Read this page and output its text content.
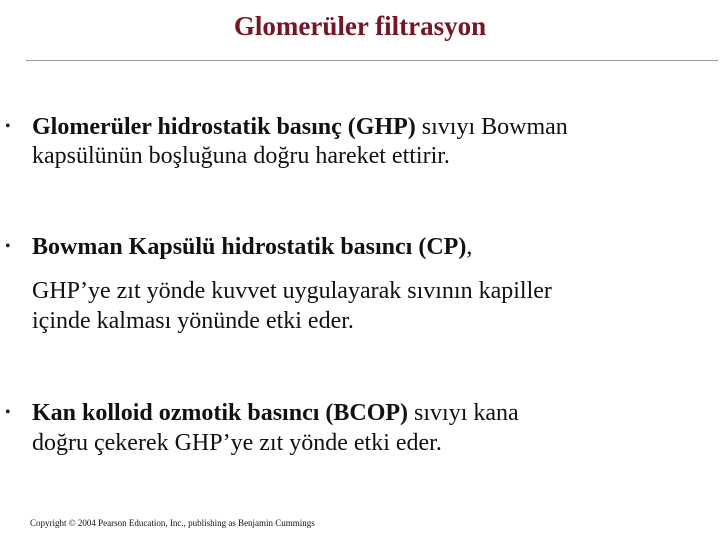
Glomerüler filtrasyon
• Glomerüler hidrostatik basınç (GHP) sıvıyı Bowman
kapsülünün boşluğuna doğru hareket ettirir.
• Bowman Kapsülü hidrostatik basıncı (CP),
GHP’ye zıt yönde kuvvet uygulayarak sıvının kapiller
içinde kalması yönünde etki eder.
• Kan kolloid ozmotik basıncı (BCOP) sıvıyı kana
doğru çekerek GHP’ye zıt yönde etki eder.
Copyright © 2004 Pearson Education, Inc., publishing as Benjamin Cummings
